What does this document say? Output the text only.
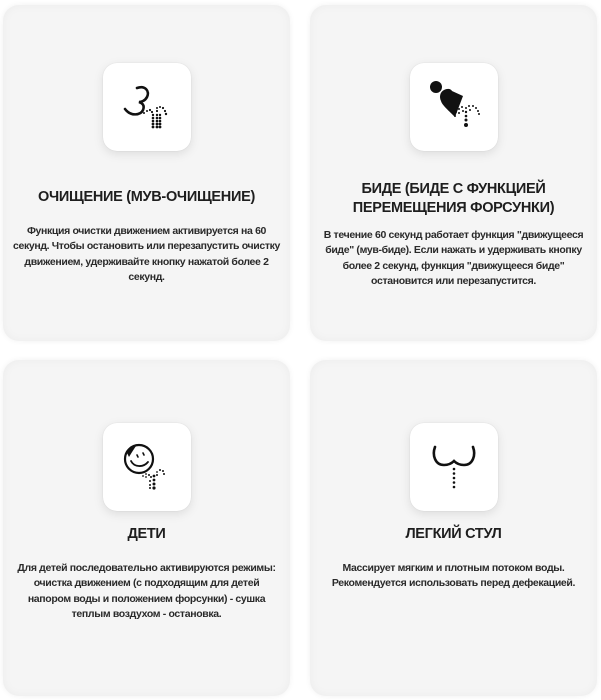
ОЧИЩЕНИЕ (МУВ-ОЧИЩЕНИЕ)
Функция очистки движением активируется на 60 секунд. Чтобы остановить или перезапустить очистку движением, удерживайте кнопку нажатой более 2 секунд.
БИДЕ (БИДЕ С ФУНКЦИЕЙ ПЕРЕМЕЩЕНИЯ ФОРСУНКИ)
В течение 60 секунд работает функция "движущееся биде" (мув-биде). Если нажать и удерживать кнопку более 2 секунд, функция "движущееся биде" остановится или перезапустится.
ДЕТИ
Для детей последовательно активируются режимы: очистка движением (с подходящим для детей напором воды и положением форсунки) - сушка теплым воздухом - остановка.
ЛЕГКИЙ СТУЛ
Массирует мягким и плотным потоком воды. Рекомендуется использовать перед дефекацией.
